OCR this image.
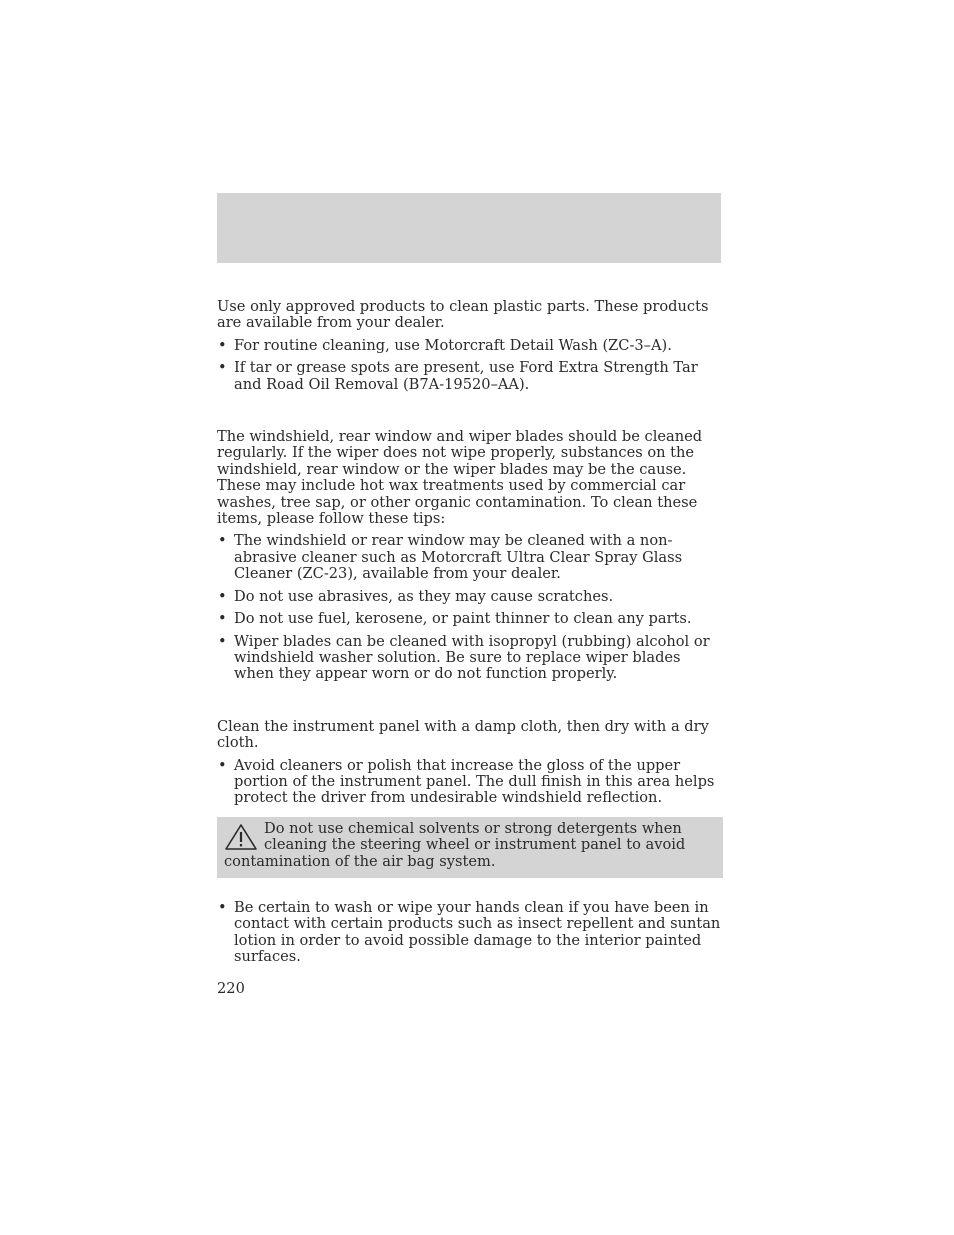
Use only approved products to clean plastic parts. These products are available from your dealer.

• For routine cleaning, use Motorcraft Detail Wash (ZC-3–A).
• If tar or grease spots are present, use Ford Extra Strength Tar and Road Oil Removal (B7A-19520–AA).

The windshield, rear window and wiper blades should be cleaned regularly. If the wiper does not wipe properly, substances on the windshield, rear window or the wiper blades may be the cause. These may include hot wax treatments used by commercial car washes, tree sap, or other organic contamination. To clean these items, please follow these tips:

• The windshield or rear window may be cleaned with a non-abrasive cleaner such as Motorcraft Ultra Clear Spray Glass Cleaner (ZC-23), available from your dealer.
• Do not use abrasives, as they may cause scratches.
• Do not use fuel, kerosene, or paint thinner to clean any parts.
• Wiper blades can be cleaned with isopropyl (rubbing) alcohol or windshield washer solution. Be sure to replace wiper blades when they appear worn or do not function properly.

Clean the instrument panel with a damp cloth, then dry with a dry cloth.

• Avoid cleaners or polish that increase the gloss of the upper portion of the instrument panel. The dull finish in this area helps protect the driver from undesirable windshield reflection.
Do not use chemical solvents or strong detergents when cleaning the steering wheel or instrument panel to avoid contamination of the air bag system.
• Be certain to wash or wipe your hands clean if you have been in contact with certain products such as insect repellent and suntan lotion in order to avoid possible damage to the interior painted surfaces.
220
